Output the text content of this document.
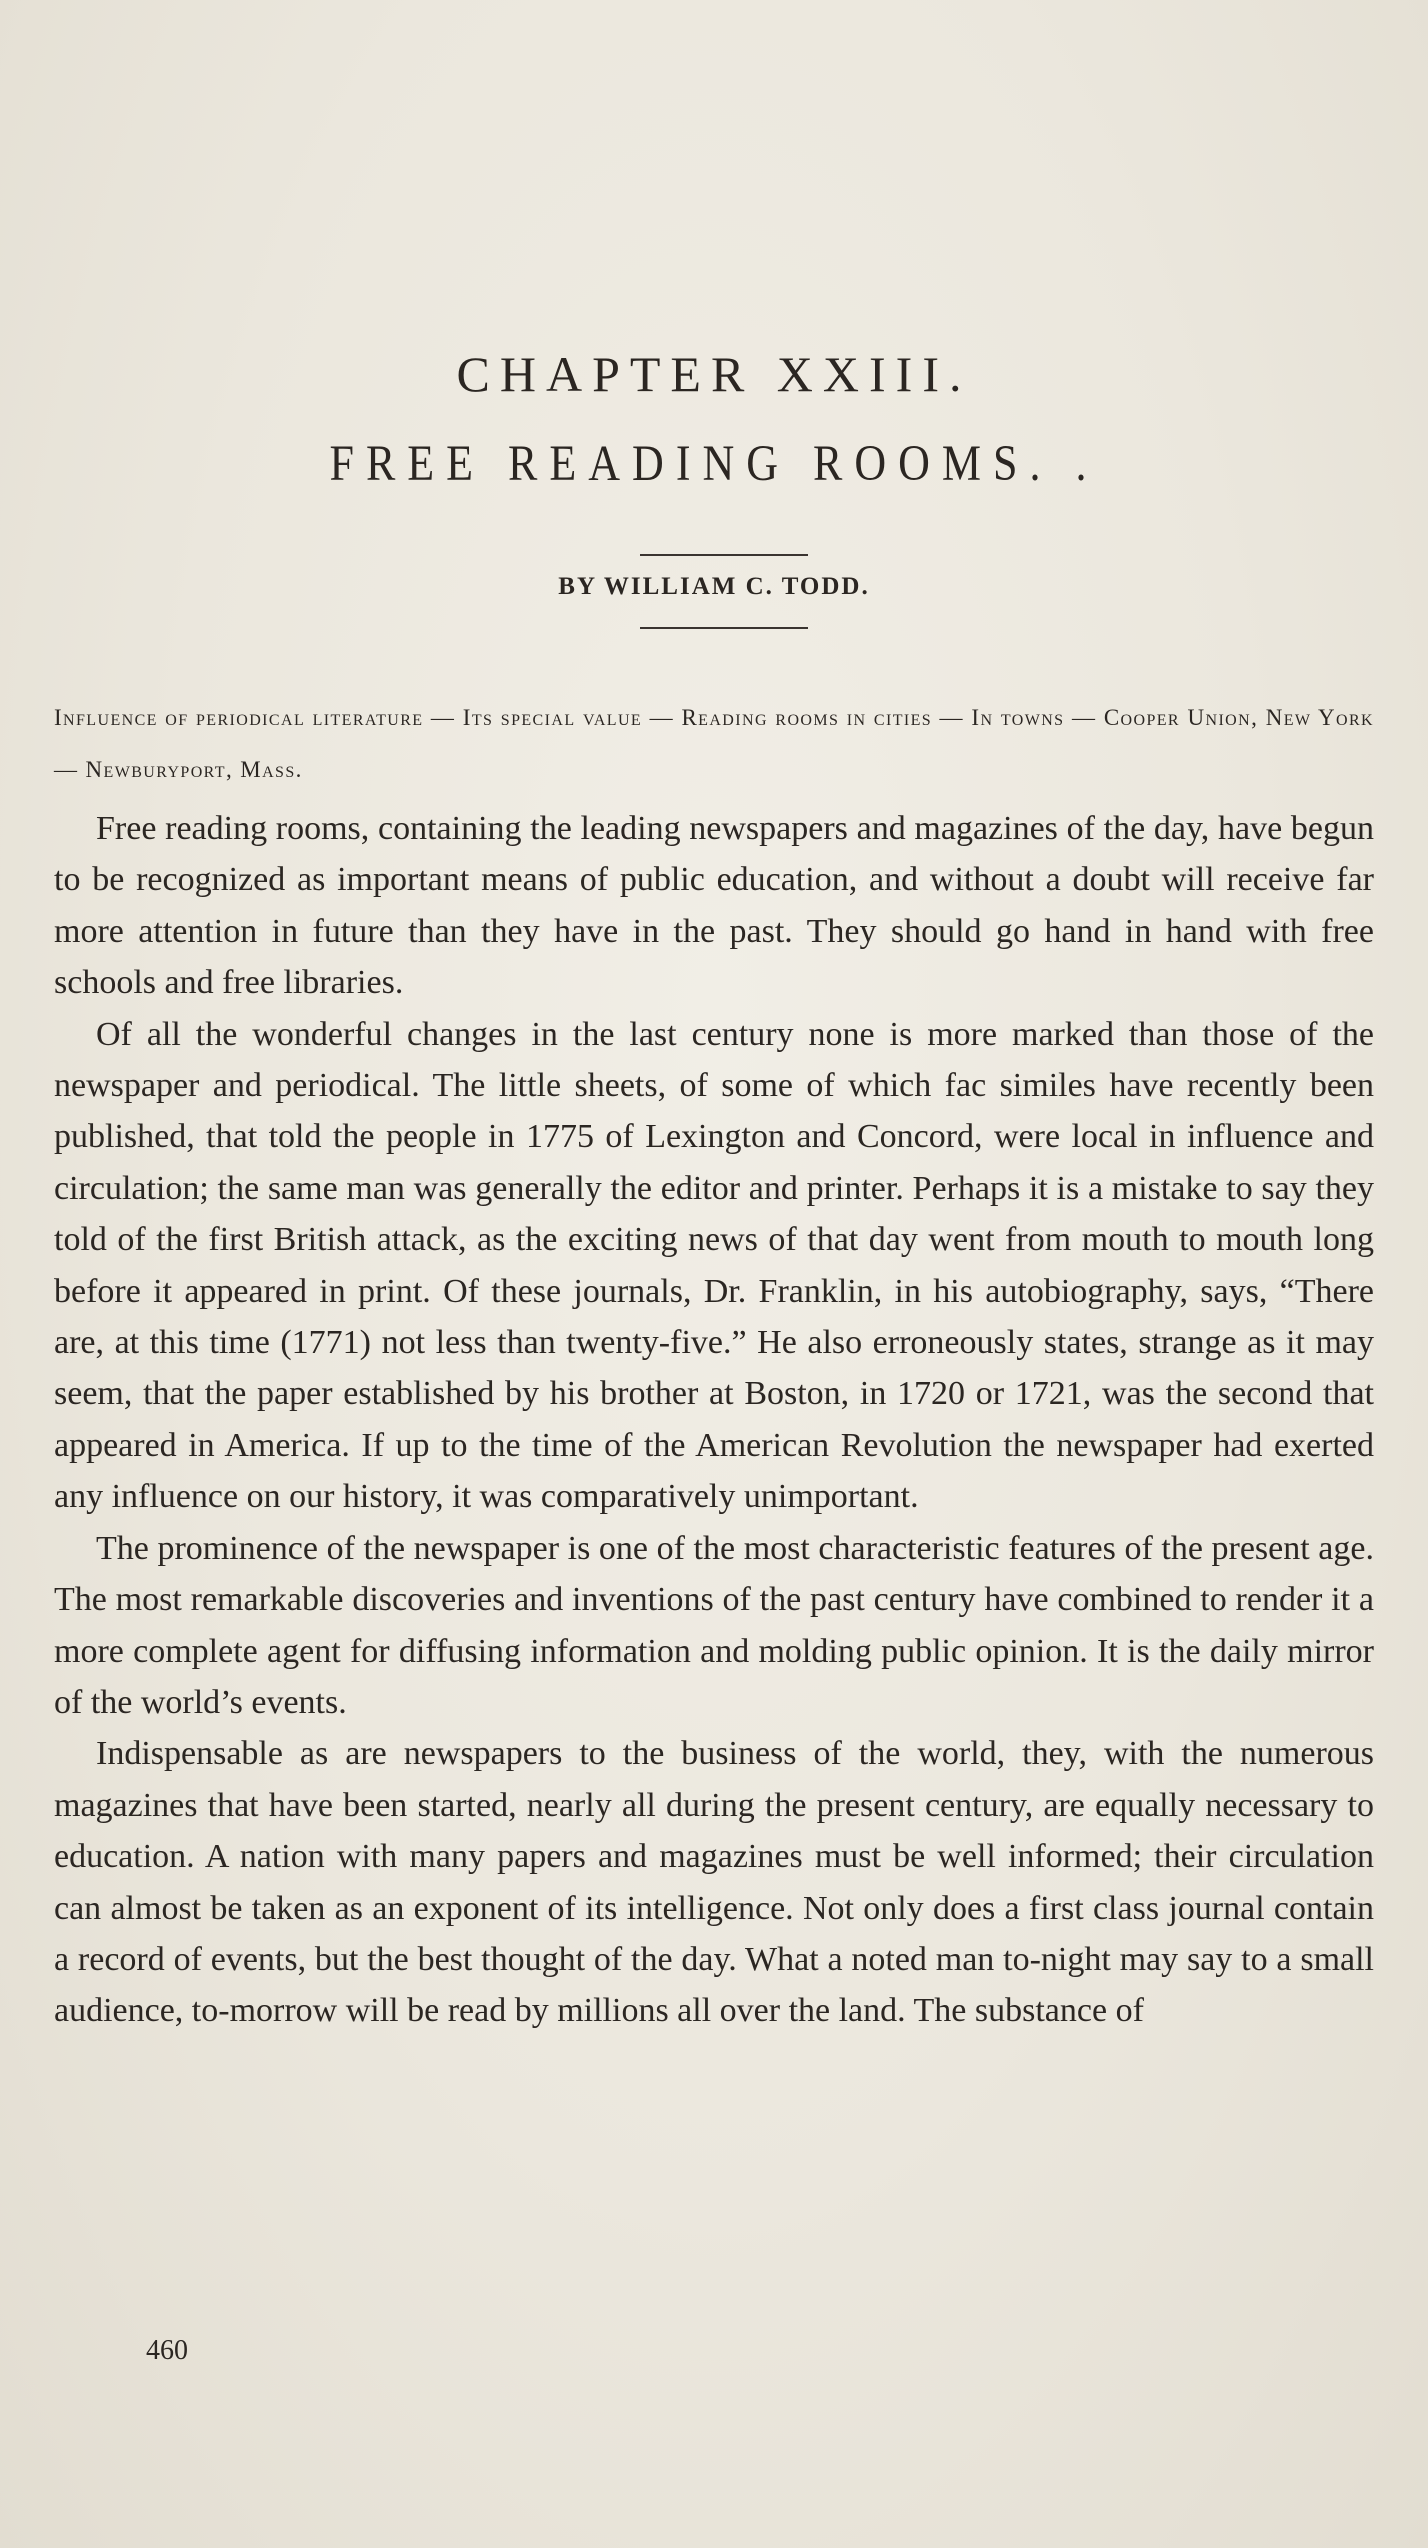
CHAPTER XXIII.
FREE READING ROOMS. .

BY WILLIAM C. TODD.

Influence of periodical literature — Its special value — Reading rooms in cities — In towns — Cooper Union, New York — Newburyport, Mass.

Free reading rooms, containing the leading newspapers and magazines of the day, have begun to be recognized as important means of public education, and without a doubt will receive far more attention in future than they have in the past. They should go hand in hand with free schools and free libraries.

Of all the wonderful changes in the last century none is more marked than those of the newspaper and periodical. The little sheets, of some of which fac similes have recently been published, that told the people in 1775 of Lexington and Concord, were local in influence and circulation; the same man was generally the editor and printer. Perhaps it is a mistake to say they told of the first British attack, as the exciting news of that day went from mouth to mouth long before it appeared in print. Of these journals, Dr. Franklin, in his autobiography, says, “There are, at this time (1771) not less than twenty-five.” He also erroneously states, strange as it may seem, that the paper established by his brother at Boston, in 1720 or 1721, was the second that appeared in America. If up to the time of the American Revolution the newspaper had exerted any influence on our history, it was comparatively unimportant.

The prominence of the newspaper is one of the most characteristic features of the present age. The most remarkable discoveries and inventions of the past century have combined to render it a more complete agent for diffusing information and molding public opinion. It is the daily mirror of the world’s events.

Indispensable as are newspapers to the business of the world, they, with the numerous magazines that have been started, nearly all during the present century, are equally necessary to education. A nation with many papers and magazines must be well informed; their circulation can almost be taken as an exponent of its intelligence. Not only does a first class journal contain a record of events, but the best thought of the day. What a noted man to-night may say to a small audience, to-morrow will be read by millions all over the land. The substance of

460
